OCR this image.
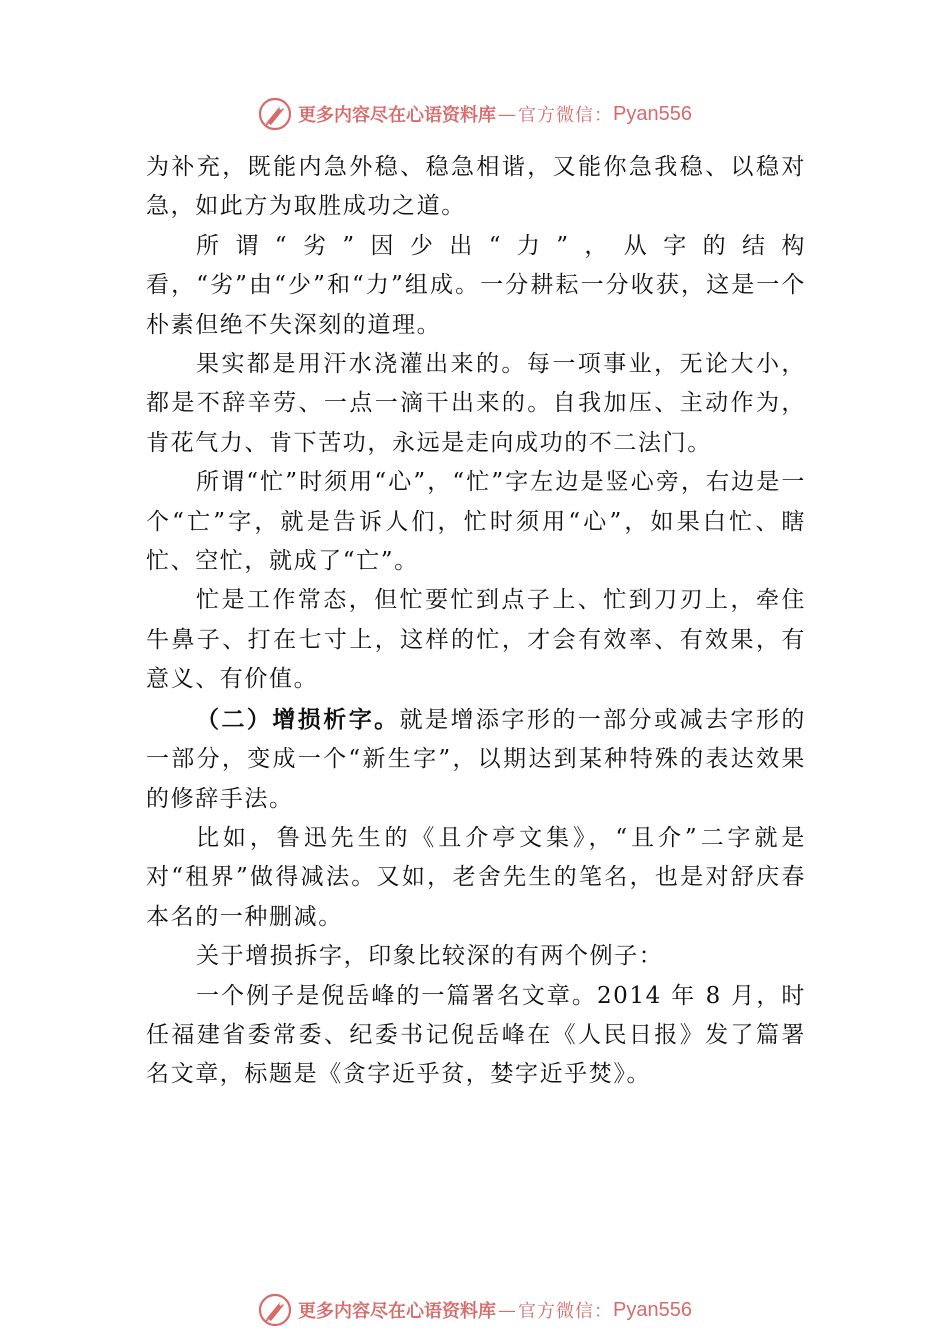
更多内容尽在心语资料库 — 官方微信： Pyan556

为补充，既能内急外稳、稳急相谐，又能你急我稳、以稳对急，如此方为取胜成功之道。

所谓“劣”因少出“力”，从字的结构看，“劣”由“少”和“力”组成。一分耕耘一分收获，这是一个朴素但绝不失深刻的道理。

果实都是用汗水浇灌出来的。每一项事业，无论大小，都是不辞辛劳、一点一滴干出来的。自我加压、主动作为， 肯花气力、肯下苦功，永远是走向成功的不二法门。

所谓“忙”时须用“心”，“忙”字左边是竖心旁，右边是一个“亡”字，就是告诉人们，忙时须用“心”，如果白忙、瞎忙、空忙，就成了“亡”。

忙是工作常态，但忙要忙到点子上、忙到刀刃上，牵住牛鼻子、打在七寸上，这样的忙，才会有效率、有效果，有意义、有价值。

（二）增损析字。就是增添字形的一部分或减去字形的一部分，变成一个“新生字”，以期达到某种特殊的表达效果的修辞手法。

比如，鲁迅先生的《且介亭文集》，“且介”二字就是对“租界”做得减法。又如，老舍先生的笔名，也是对舒庆春本名的一种删减。

关于增损拆字，印象比较深的有两个例子：

一个例子是倪岳峰的一篇署名文章。2014 年 8 月，时任福建省委常委、纪委书记倪岳峰在《人民日报》发了篇署名文章，标题是《贪字近乎贫，婪字近乎焚》。

更多内容尽在心语资料库 — 官方微信： Pyan556
